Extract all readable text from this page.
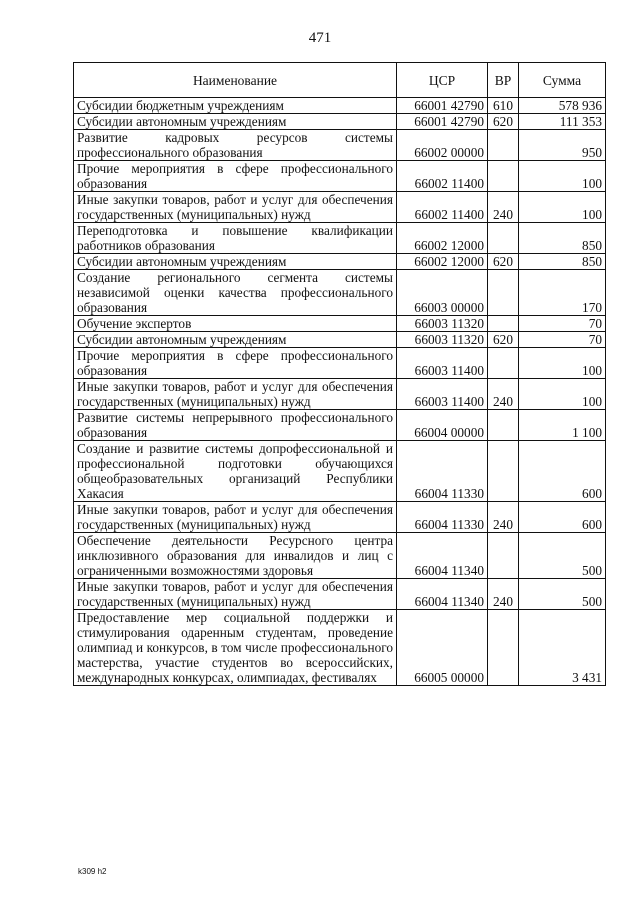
471
Наименование	ЦСР	ВР	Сумма
Субсидии бюджетным учреждениям	66001 42790	610	578 936
Субсидии автономным учреждениям	66001 42790	620	111 353
Развитие кадровых ресурсов системы профессионального образования	66002 00000		950
Прочие мероприятия в сфере профессионального образования	66002 11400		100
Иные закупки товаров, работ и услуг для обеспечения государственных (муниципальных) нужд	66002 11400	240	100
Переподготовка и повышение квалификации работников образования	66002 12000		850
Субсидии автономным учреждениям	66002 12000	620	850
Создание регионального сегмента системы независимой оценки качества профессионального образования	66003 00000		170
Обучение экспертов	66003 11320		70
Субсидии автономным учреждениям	66003 11320	620	70
Прочие мероприятия в сфере профессионального образования	66003 11400		100
Иные закупки товаров, работ и услуг для обеспечения государственных (муниципальных) нужд	66003 11400	240	100
Развитие системы непрерывного профессионального образования	66004 00000		1 100
Создание и развитие системы допрофессиональной и профессиональной подготовки обучающихся общеобразовательных организаций Республики Хакасия	66004 11330		600
Иные закупки товаров, работ и услуг для обеспечения государственных (муниципальных) нужд	66004 11330	240	600
Обеспечение деятельности Ресурсного центра инклюзивного образования для инвалидов и лиц с ограниченными возможностями здоровья	66004 11340		500
Иные закупки товаров, работ и услуг для обеспечения государственных (муниципальных) нужд	66004 11340	240	500
Предоставление мер социальной поддержки и стимулирования одаренным студентам, проведение олимпиад и конкурсов, в том числе профессионального мастерства, участие студентов во всероссийских, международных конкурсах, олимпиадах, фестивалях	66005 00000		3 431
k309 h2
